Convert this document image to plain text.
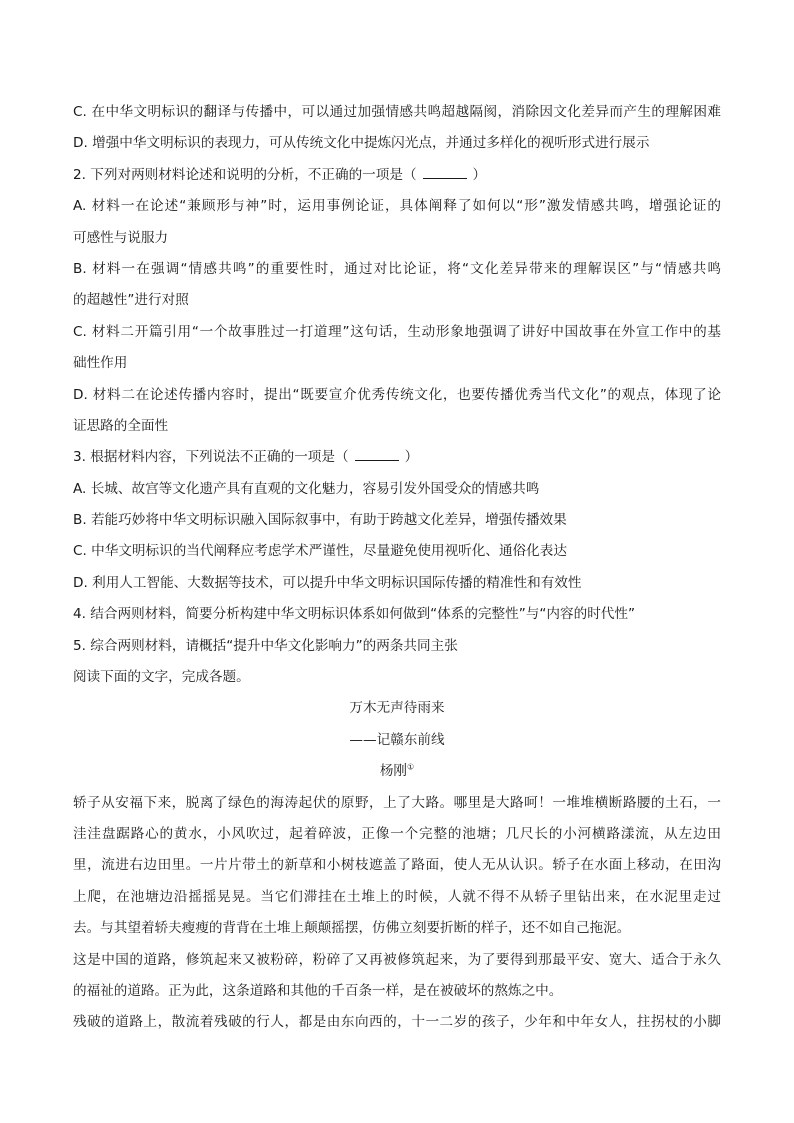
C. 在中华文明标识的翻译与传播中，可以通过加强情感共鸣超越隔阂，消除因文化差异而产生的理解困难
D. 增强中华文明标识的表现力，可从传统文化中提炼闪光点，并通过多样化的视听形式进行展示
2. 下列对两则材料论述和说明的分析，不正确的一项是（	）
A. 材料一在论述“兼顾形与神”时，运用事例论证，具体阐释了如何以“形”激发情感共鸣，增强论证的
可感性与说服力
B. 材料一在强调“情感共鸣”的重要性时，通过对比论证，将“文化差异带来的理解误区”与“情感共鸣
的超越性”进行对照
C. 材料二开篇引用“一个故事胜过一打道理”这句话，生动形象地强调了讲好中国故事在外宣工作中的基
础性作用
D. 材料二在论述传播内容时，提出“既要宣介优秀传统文化，也要传播优秀当代文化”的观点，体现了论
证思路的全面性
3. 根据材料内容，下列说法不正确的一项是（	）
A. 长城、故宫等文化遗产具有直观的文化魅力，容易引发外国受众的情感共鸣
B. 若能巧妙将中华文明标识融入国际叙事中，有助于跨越文化差异，增强传播效果
C. 中华文明标识的当代阐释应考虑学术严谨性，尽量避免使用视听化、通俗化表达
D. 利用人工智能、大数据等技术，可以提升中华文明标识国际传播的精准性和有效性
4. 结合两则材料，简要分析构建中华文明标识体系如何做到“体系的完整性”与“内容的时代性”
5. 综合两则材料，请概括“提升中华文化影响力”的两条共同主张
阅读下面的文字，完成各题。
万木无声待雨来
——记赣东前线
杨刚①
轿子从安福下来，脱离了绿色的海涛起伏的原野，上了大路。哪里是大路呵！一堆堆横断路腰的土石，一
洼洼盘踞路心的黄水，小风吹过，起着碎波，正像一个完整的池塘；几尺长的小河横路漾流，从左边田
里，流进右边田里。一片片带土的新草和小树枝遮盖了路面，使人无从认识。轿子在水面上移动，在田沟
上爬，在池塘边沿摇摇晃晃。当它们滞挂在土堆上的时候，人就不得不从轿子里钻出来，在水泥里走过
去。与其望着轿夫瘦瘦的背背在土堆上颠颠摇摆，仿佛立刻要折断的样子，还不如自己拖泥。
这是中国的道路，修筑起来又被粉碎，粉碎了又再被修筑起来，为了要得到那最平安、宽大、适合于永久
的福祉的道路。正为此，这条道路和其他的千百条一样，是在被破坏的熬炼之中。
残破的道路上，散流着残破的行人，都是由东向西的，十一二岁的孩子，少年和中年女人，拄拐杖的小脚
